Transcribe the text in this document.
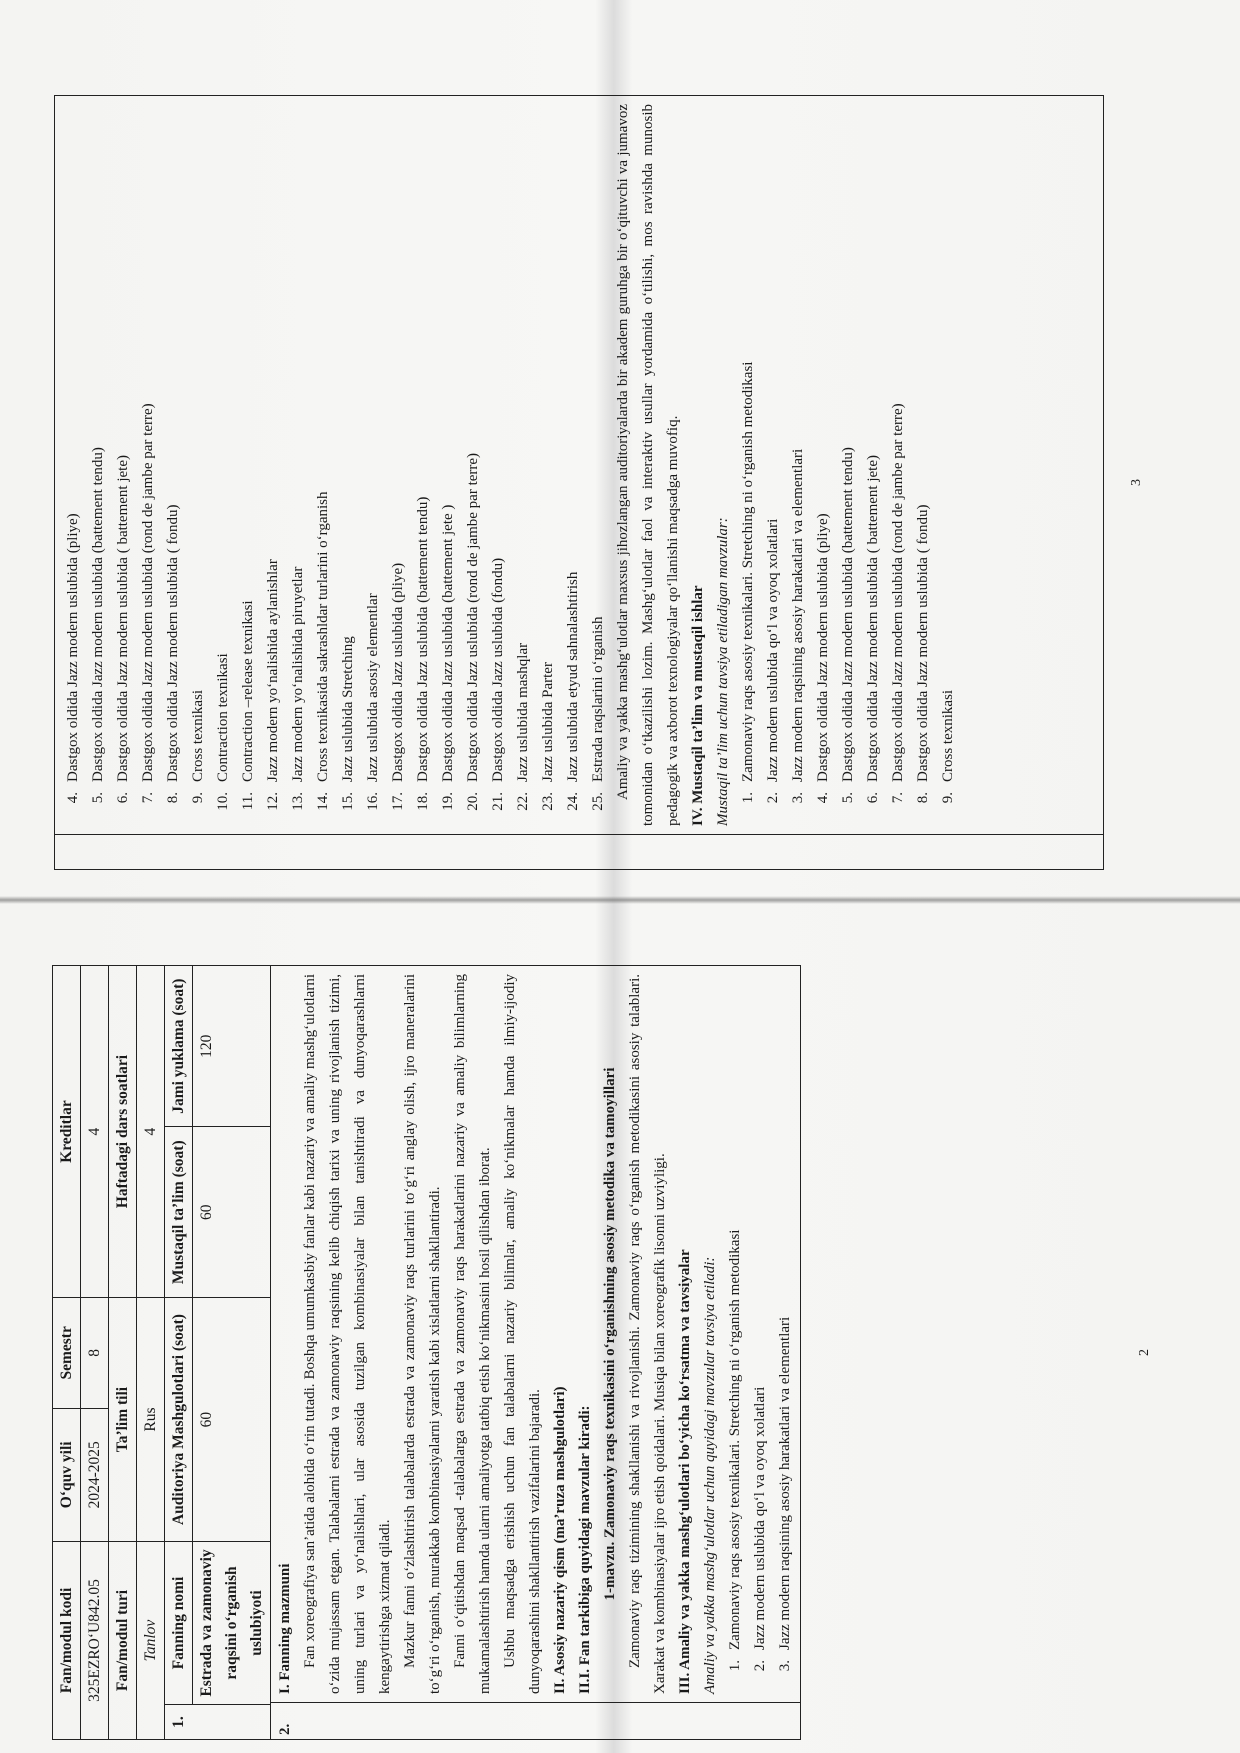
4.
Dastgox oldida Jazz modern uslubida (pliye)
5.
Dastgox oldida Jazz modern uslubida (battement tendu)
6.
Dastgox oldida Jazz modern uslubida ( battement jete)
7.
Dastgox oldida Jazz modern uslubida (rond de jambe par terre)
8.
Dastgox oldida Jazz modern uslubida ( fondu)
9.
Cross texnikasi
10.
Contraction texnikasi
11.
Contraction –release texnikasi
12.
Jazz modern yo‘nalishida aylanishlar
13.
Jazz modern yo‘nalishida piruyetlar
14.
Cross texnikasida sakrashldar turlarini o‘rganish
15.
Jazz uslubida Stretching
16.
Jazz uslubida asosiy elementlar
17.
Dastgox oldida Jazz uslubida (pliye)
18.
Dastgox oldida Jazz uslubida (battement tendu)
19.
Dastgox oldida Jazz uslubida (battement jete )
20.
Dastgox oldida Jazz uslubida (rond de jambe par terre)
21.
Dastgox oldida Jazz uslubida (fondu)
22.
Jazz uslubida mashqlar
23.
Jazz uslubida Parter
24.
Jazz uslubida etyud sahnalashtirish
25.
Estrada raqslarini o‘rganish Amaliy va yakka mashg‘ulotlar maxsus jihozlangan auditoriyalarda bir akadem guruhga bir o‘qituvchi va jumavoz tomonidan o‘tkazilishi lozim. Mashg‘ulotlar faol va interaktiv usullar yordamida o‘tilishi, mos ravishda munosib pedagogik va axborot texnologiyalar qo‘llanishi maqsadga muvofiq. IV. Mustaqil ta’lim va mustaqil ishlar Mustaqil ta’lim uchun tavsiya etiladigan mavzular: 1.
Zamonaviy raqs asosiy texnikalari. Stretching ni o‘rganish metodikasi
2.
Jazz modern uslubida qo‘l va oyoq xolatlari
3.
Jazz modern raqsining asosiy harakatlari va elementlari
4.
Dastgox oldida Jazz modern uslubida (pliye)
5.
Dastgox oldida Jazz modern uslubida (battement tendu)
6.
Dastgox oldida Jazz modern uslubida ( battement jete)
7.
Dastgox oldida Jazz modern uslubida (rond de jambe par terre)
8.
Dastgox oldida Jazz modern uslubida ( fondu)
9.
Cross texnikasi
3
Fan/modul kodi		O‘quv yili	Semestr	Kreditlar	
325EZRO‘U842.05		2024-2025	8	4	
Fan/modul turi		Ta’lim tili		Haftadagi dars soatlari	
Tanlov		Rus		4	
1.	Fanning nomi	Auditoriya Mashgulotlari (soat)		Mustaqil ta’lim (soat)	Jami yuklama (soat)
	Estrada va zamonaviy raqsini o‘rganish uslubiyoti	60		60	120
2.

I. Fanning mazmuni Fan xoreografiya san’atida alohida o‘rin tutadi. Boshqa umumkasbiy fanlar kabi nazariy va amaliy mashg‘ulotlarni o‘zida mujassam etgan. Talabalarni estrada va zamonaviy raqsining kelib chiqish tarixi va uning rivojlanish tizimi, uning turlari va yo‘nalishlari, ular asosida tuzilgan kombinasiyalar bilan tanishtiradi va dunyoqarashlarni kengaytirishga xizmat qiladi. Mazkur fanni o‘zlashtirish talabalarda estrada va zamonaviy raqs turlarini to‘g‘ri anglay olish, ijro maneralarini to‘g‘ri o‘rganish, murakkab kombinasiyalarni yaratish kabi xislatlarni shakllantiradi. Fanni o‘qitishdan maqsad -talabalarga estrada va zamonaviy raqs harakatlarini nazariy va amaliy bilimlarning mukamalashtirish hamda ularni amaliyotga tatbiq etish ko‘nikmasini hosil qilishdan iborat. Ushbu maqsadga erishish uchun fan talabalarni nazariy bilimlar, amaliy ko‘nikmalar hamda ilmiy-ijodiy dunyoqarashini shakllantirish vazifalarini bajaradi. II. Asosiy nazariy qism (ma’ruza mashgulotlari) II.I. Fan tarkibiga quyidagi mavzular kiradi: 1-mavzu. Zamonaviy raqs texnikasini o‘rganishning asosiy metodika va tamoyillari Zamonaviy raqs tizimining shakllanishi va rivojlanishi. Zamonaviy raqs o‘rganish metodikasini asosiy talablari. Xarakat va kombinasiyalar ijro etish qoidalari. Musiqa bilan xoreografik lisonni uzviyligi. III. Amaliy va yakka mashg‘ulotlari bo‘yicha ko‘rsatma va tavsiyalar Amaliy va yakka mashg‘ulotlar uchun quyidagi mavzular tavsiya etiladi: 1.
Zamonaviy raqs asosiy texnikalari. Stretching ni o‘rganish metodikasi
2.
Jazz modern uslubida qo‘l va oyoq xolatlari
3.
Jazz modern raqsining asosiy harakatlari va elementlari	2
